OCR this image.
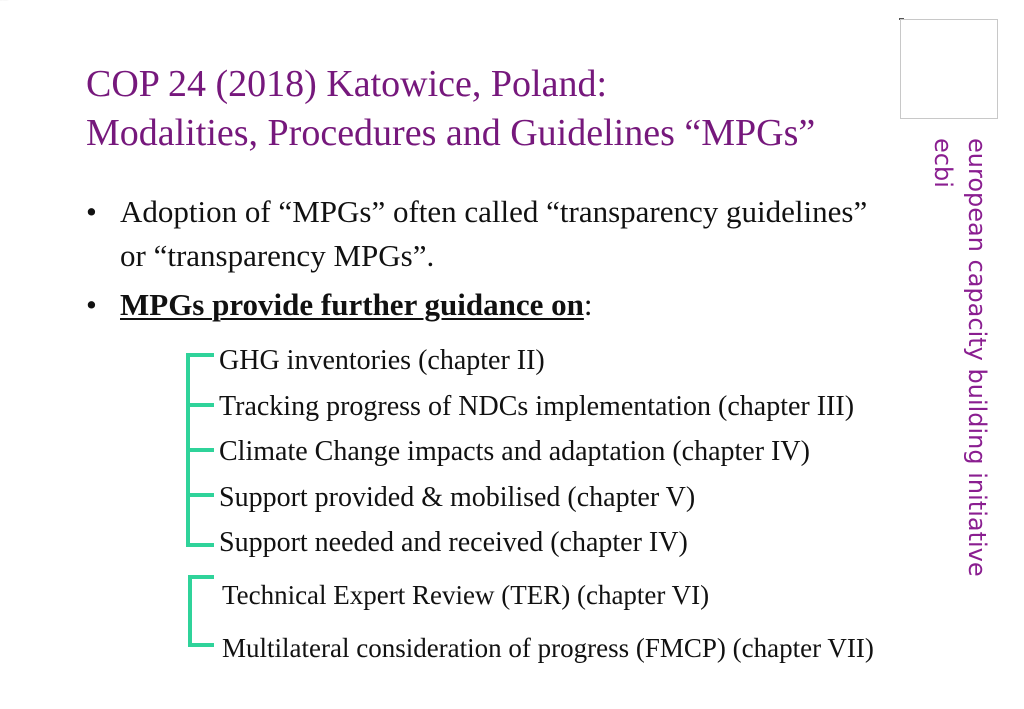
...............
COP 24 (2018) Katowice, Poland:
Modalities, Procedures and Guidelines “MPGs”
european capacity building initiative
ecbi
• Adoption of “MPGs” often called “transparency guidelines” or “transparency MPGs”.
• MPGs provide further guidance on:
GHG inventories (chapter II)
Tracking progress of NDCs implementation (chapter III)
Climate Change impacts and adaptation (chapter IV)
Support provided & mobilised (chapter V)
Support needed and received (chapter IV)
Technical Expert Review (TER) (chapter VI)
Multilateral consideration of progress (FMCP) (chapter VII)
